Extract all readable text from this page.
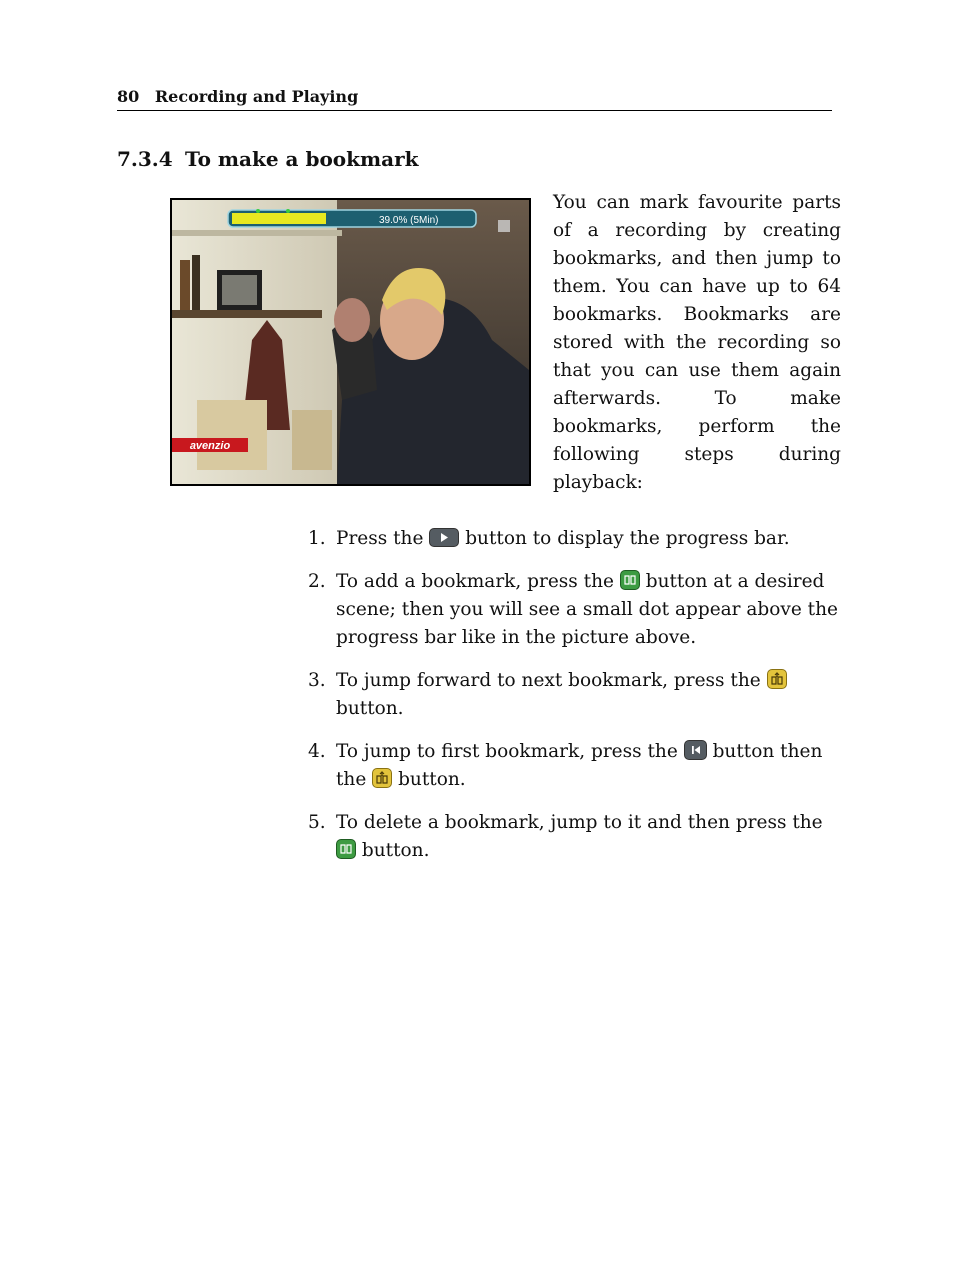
80 Recording and Playing
7.3.4 To make a bookmark
avenzio
39.0% (5Min)
You can mark favourite parts of a recording by creating bookmarks, and then jump to them. You can have up to 64 bookmarks. Bookmarks are stored with the recording so that you can use them again afterwards. To make bookmarks, perform the following steps during playback:
1. Press the button to display the progress bar.
2. To add a bookmark, press the button at a desired scene; then you will see a small dot appear above the progress bar like in the picture above.
3. To jump forward to next bookmark, press the
button.
4. To jump to first bookmark, press the button then the button.
5. To delete a bookmark, jump to it and then press the
button.
